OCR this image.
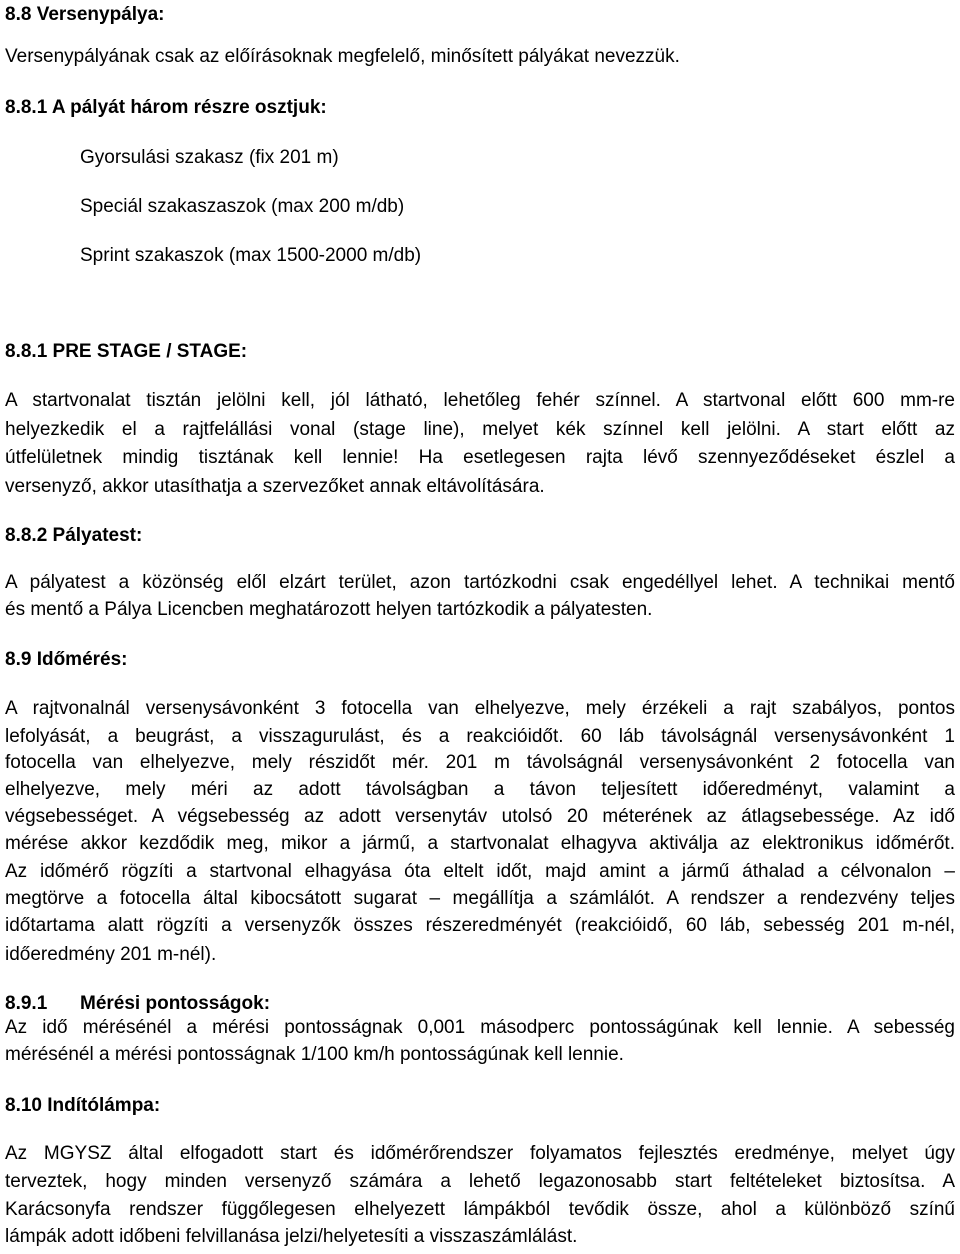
8.8 Versenypálya:
Versenypályának csak az előírásoknak megfelelő, minősített pályákat nevezzük.
8.8.1 A pályát három részre osztjuk:
Gyorsulási szakasz (fix 201 m)
Speciál szakaszaszok (max 200 m/db)
Sprint szakaszok (max 1500-2000 m/db)
8.8.1 PRE STAGE / STAGE:
A startvonalat tisztán jelölni kell, jól látható, lehetőleg fehér színnel. A startvonal előtt 600 mm-re
helyezkedik el a rajtfelállási vonal (stage line), melyet kék színnel kell jelölni. A start előtt az
útfelületnek mindig tisztának kell lennie! Ha esetlegesen rajta lévő szennyeződéseket észlel a
versenyző, akkor utasíthatja a szervezőket annak eltávolítására.
8.8.2 Pályatest:
A pályatest a közönség elől elzárt terület, azon tartózkodni csak engedéllyel lehet. A technikai mentő
és mentő a Pálya Licencben meghatározott helyen tartózkodik a pályatesten.
8.9 Időmérés:
A rajtvonalnál versenysávonként 3 fotocella van elhelyezve, mely érzékeli a rajt szabályos, pontos
lefolyását, a beugrást, a visszagurulást, és a reakcióidőt. 60 láb távolságnál versenysávonként 1
fotocella van elhelyezve, mely részidőt mér. 201 m távolságnál versenysávonként 2 fotocella van
elhelyezve, mely méri az adott távolságban a távon teljesített időeredményt, valamint a
végsebességet. A végsebesség az adott versenytáv utolsó 20 méterének az átlagsebessége. Az idő
mérése akkor kezdődik meg, mikor a jármű, a startvonalat elhagyva aktiválja az elektronikus időmérőt.
Az időmérő rögzíti a startvonal elhagyása óta eltelt időt, majd amint a jármű áthalad a célvonalon –
megtörve a fotocella által kibocsátott sugarat – megállítja a számlálót. A rendszer a rendezvény teljes
időtartama alatt rögzíti a versenyzők összes részeredményét (reakcióidő, 60 láb, sebesség 201 m-nél,
időeredmény 201 m-nél).
8.9.1 Mérési pontosságok:
Az idő mérésénél a mérési pontosságnak 0,001 másodperc pontosságúnak kell lennie. A sebesség
mérésénél a mérési pontosságnak 1/100 km/h pontosságúnak kell lennie.
8.10 Indítólámpa:
Az MGYSZ által elfogadott start és időmérőrendszer folyamatos fejlesztés eredménye, melyet úgy
terveztek, hogy minden versenyző számára a lehető legazonosabb start feltételeket biztosítsa. A
Karácsonyfa rendszer függőlegesen elhelyezett lámpákból tevődik össze, ahol a különböző színű
lámpák adott időbeni felvillanása jelzi/helyetesíti a visszaszámlálást.
